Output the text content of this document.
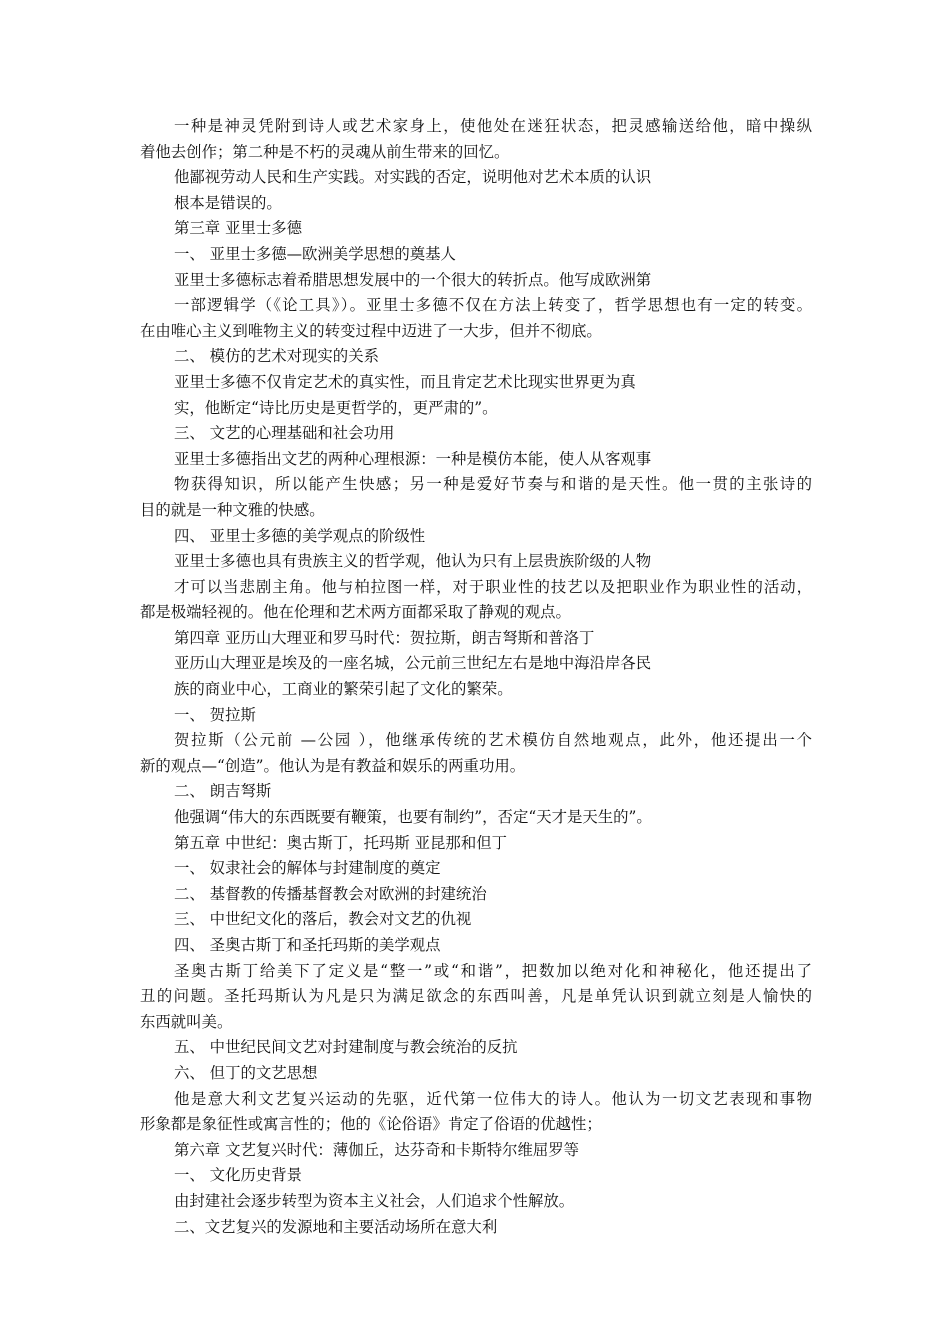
一种是神灵凭附到诗人或艺术家身上，使他处在迷狂状态，把灵感输送给他，暗中操纵
着他去创作；第二种是不朽的灵魂从前生带来的回忆。
他鄙视劳动人民和生产实践。对实践的否定，说明他对艺术本质的认识
根本是错误的。
第三章 亚里士多德
一、 亚里士多德—欧洲美学思想的奠基人
亚里士多德标志着希腊思想发展中的一个很大的转折点。他写成欧洲第
一部逻辑学（《论工具》）。亚里士多德不仅在方法上转变了，哲学思想也有一定的转变。
在由唯心主义到唯物主义的转变过程中迈进了一大步，但并不彻底。
二、 模仿的艺术对现实的关系
亚里士多德不仅肯定艺术的真实性，而且肯定艺术比现实世界更为真
实，他断定“诗比历史是更哲学的，更严肃的”。
三、 文艺的心理基础和社会功用
亚里士多德指出文艺的两种心理根源：一种是模仿本能，使人从客观事
物获得知识，所以能产生快感；另一种是爱好节奏与和谐的是天性。他一贯的主张诗的
目的就是一种文雅的快感。
四、 亚里士多德的美学观点的阶级性
亚里士多德也具有贵族主义的哲学观，他认为只有上层贵族阶级的人物
才可以当悲剧主角。他与柏拉图一样，对于职业性的技艺以及把职业作为职业性的活动，
都是极端轻视的。他在伦理和艺术两方面都采取了静观的观点。
第四章 亚历山大理亚和罗马时代：贺拉斯，朗吉弩斯和普洛丁
亚历山大理亚是埃及的一座名城，公元前三世纪左右是地中海沿岸各民
族的商业中心，工商业的繁荣引起了文化的繁荣。
一、 贺拉斯
贺拉斯（公元前 —公园 ），他继承传统的艺术模仿自然地观点，此外，他还提出一个
新的观点—“创造”。他认为是有教益和娱乐的两重功用。
二、 朗吉弩斯
他强调“伟大的东西既要有鞭策，也要有制约”，否定“天才是天生的”。
第五章 中世纪：奥古斯丁，托玛斯 亚昆那和但丁
一、 奴隶社会的解体与封建制度的奠定
二、 基督教的传播基督教会对欧洲的封建统治
三、 中世纪文化的落后，教会对文艺的仇视
四、 圣奥古斯丁和圣托玛斯的美学观点
圣奥古斯丁给美下了定义是“整一”或“和谐”，把数加以绝对化和神秘化，他还提出了
丑的问题。圣托玛斯认为凡是只为满足欲念的东西叫善，凡是单凭认识到就立刻是人愉快的
东西就叫美。
五、 中世纪民间文艺对封建制度与教会统治的反抗
六、 但丁的文艺思想
他是意大利文艺复兴运动的先驱，近代第一位伟大的诗人。他认为一切文艺表现和事物
形象都是象征性或寓言性的；他的《论俗语》肯定了俗语的优越性；
第六章 文艺复兴时代：薄伽丘，达芬奇和卡斯特尔维屈罗等
一、 文化历史背景
由封建社会逐步转型为资本主义社会，人们追求个性解放。
二、文艺复兴的发源地和主要活动场所在意大利
